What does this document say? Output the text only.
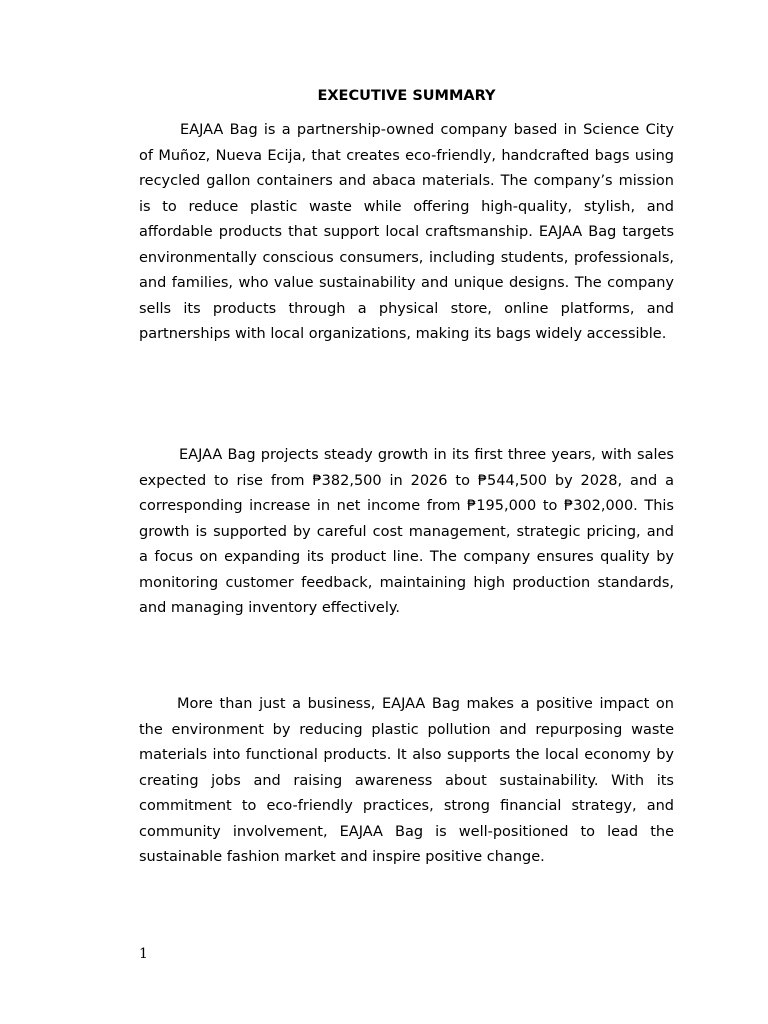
EXECUTIVE SUMMARY

EAJAA Bag is a partnership-owned company based in Science City of Muñoz, Nueva Ecija, that creates eco-friendly, handcrafted bags using recycled gallon containers and abaca materials. The company’s mission is to reduce plastic waste while offering high-quality, stylish, and affordable products that support local craftsmanship. EAJAA Bag targets environmentally conscious consumers, including students, professionals, and families, who value sustainability and unique designs. The company sells its products through a physical store, online platforms, and partnerships with local organizations, making its bags widely accessible.

EAJAA Bag projects steady growth in its first three years, with sales expected to rise from ₱382,500 in 2026 to ₱544,500 by 2028, and a corresponding increase in net income from ₱195,000 to ₱302,000. This growth is supported by careful cost management, strategic pricing, and a focus on expanding its product line. The company ensures quality by monitoring customer feedback, maintaining high production standards, and managing inventory effectively.

More than just a business, EAJAA Bag makes a positive impact on the environment by reducing plastic pollution and repurposing waste materials into functional products. It also supports the local economy by creating jobs and raising awareness about sustainability. With its commitment to eco-friendly practices, strong financial strategy, and community involvement, EAJAA Bag is well-positioned to lead the sustainable fashion market and inspire positive change.

1
